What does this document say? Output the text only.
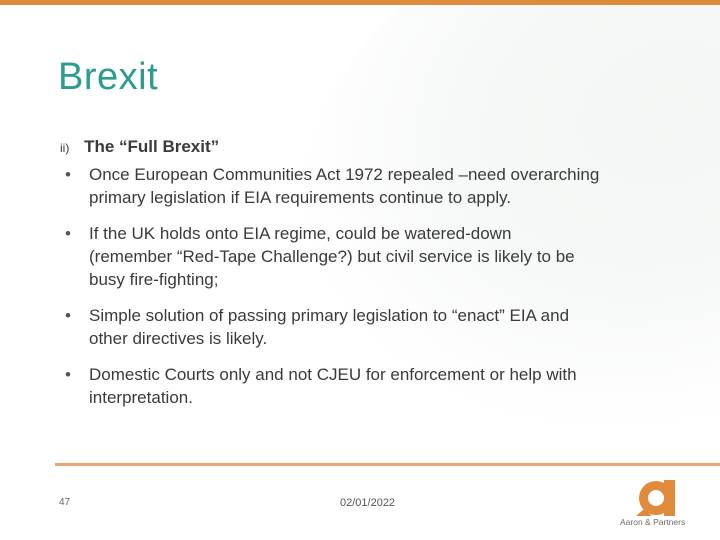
Brexit
ii) The “Full Brexit”
• Once European Communities Act 1972 repealed –need overarching
primary legislation if EIA requirements continue to apply.
• If the UK holds onto EIA regime, could be watered-down
(remember “Red-Tape Challenge?) but civil service is likely to be
busy fire-fighting;
• Simple solution of passing primary legislation to “enact” EIA and
other directives is likely.
• Domestic Courts only and not CJEU for enforcement or help with
interpretation.
47	02/01/2022
Aaron & Partners
